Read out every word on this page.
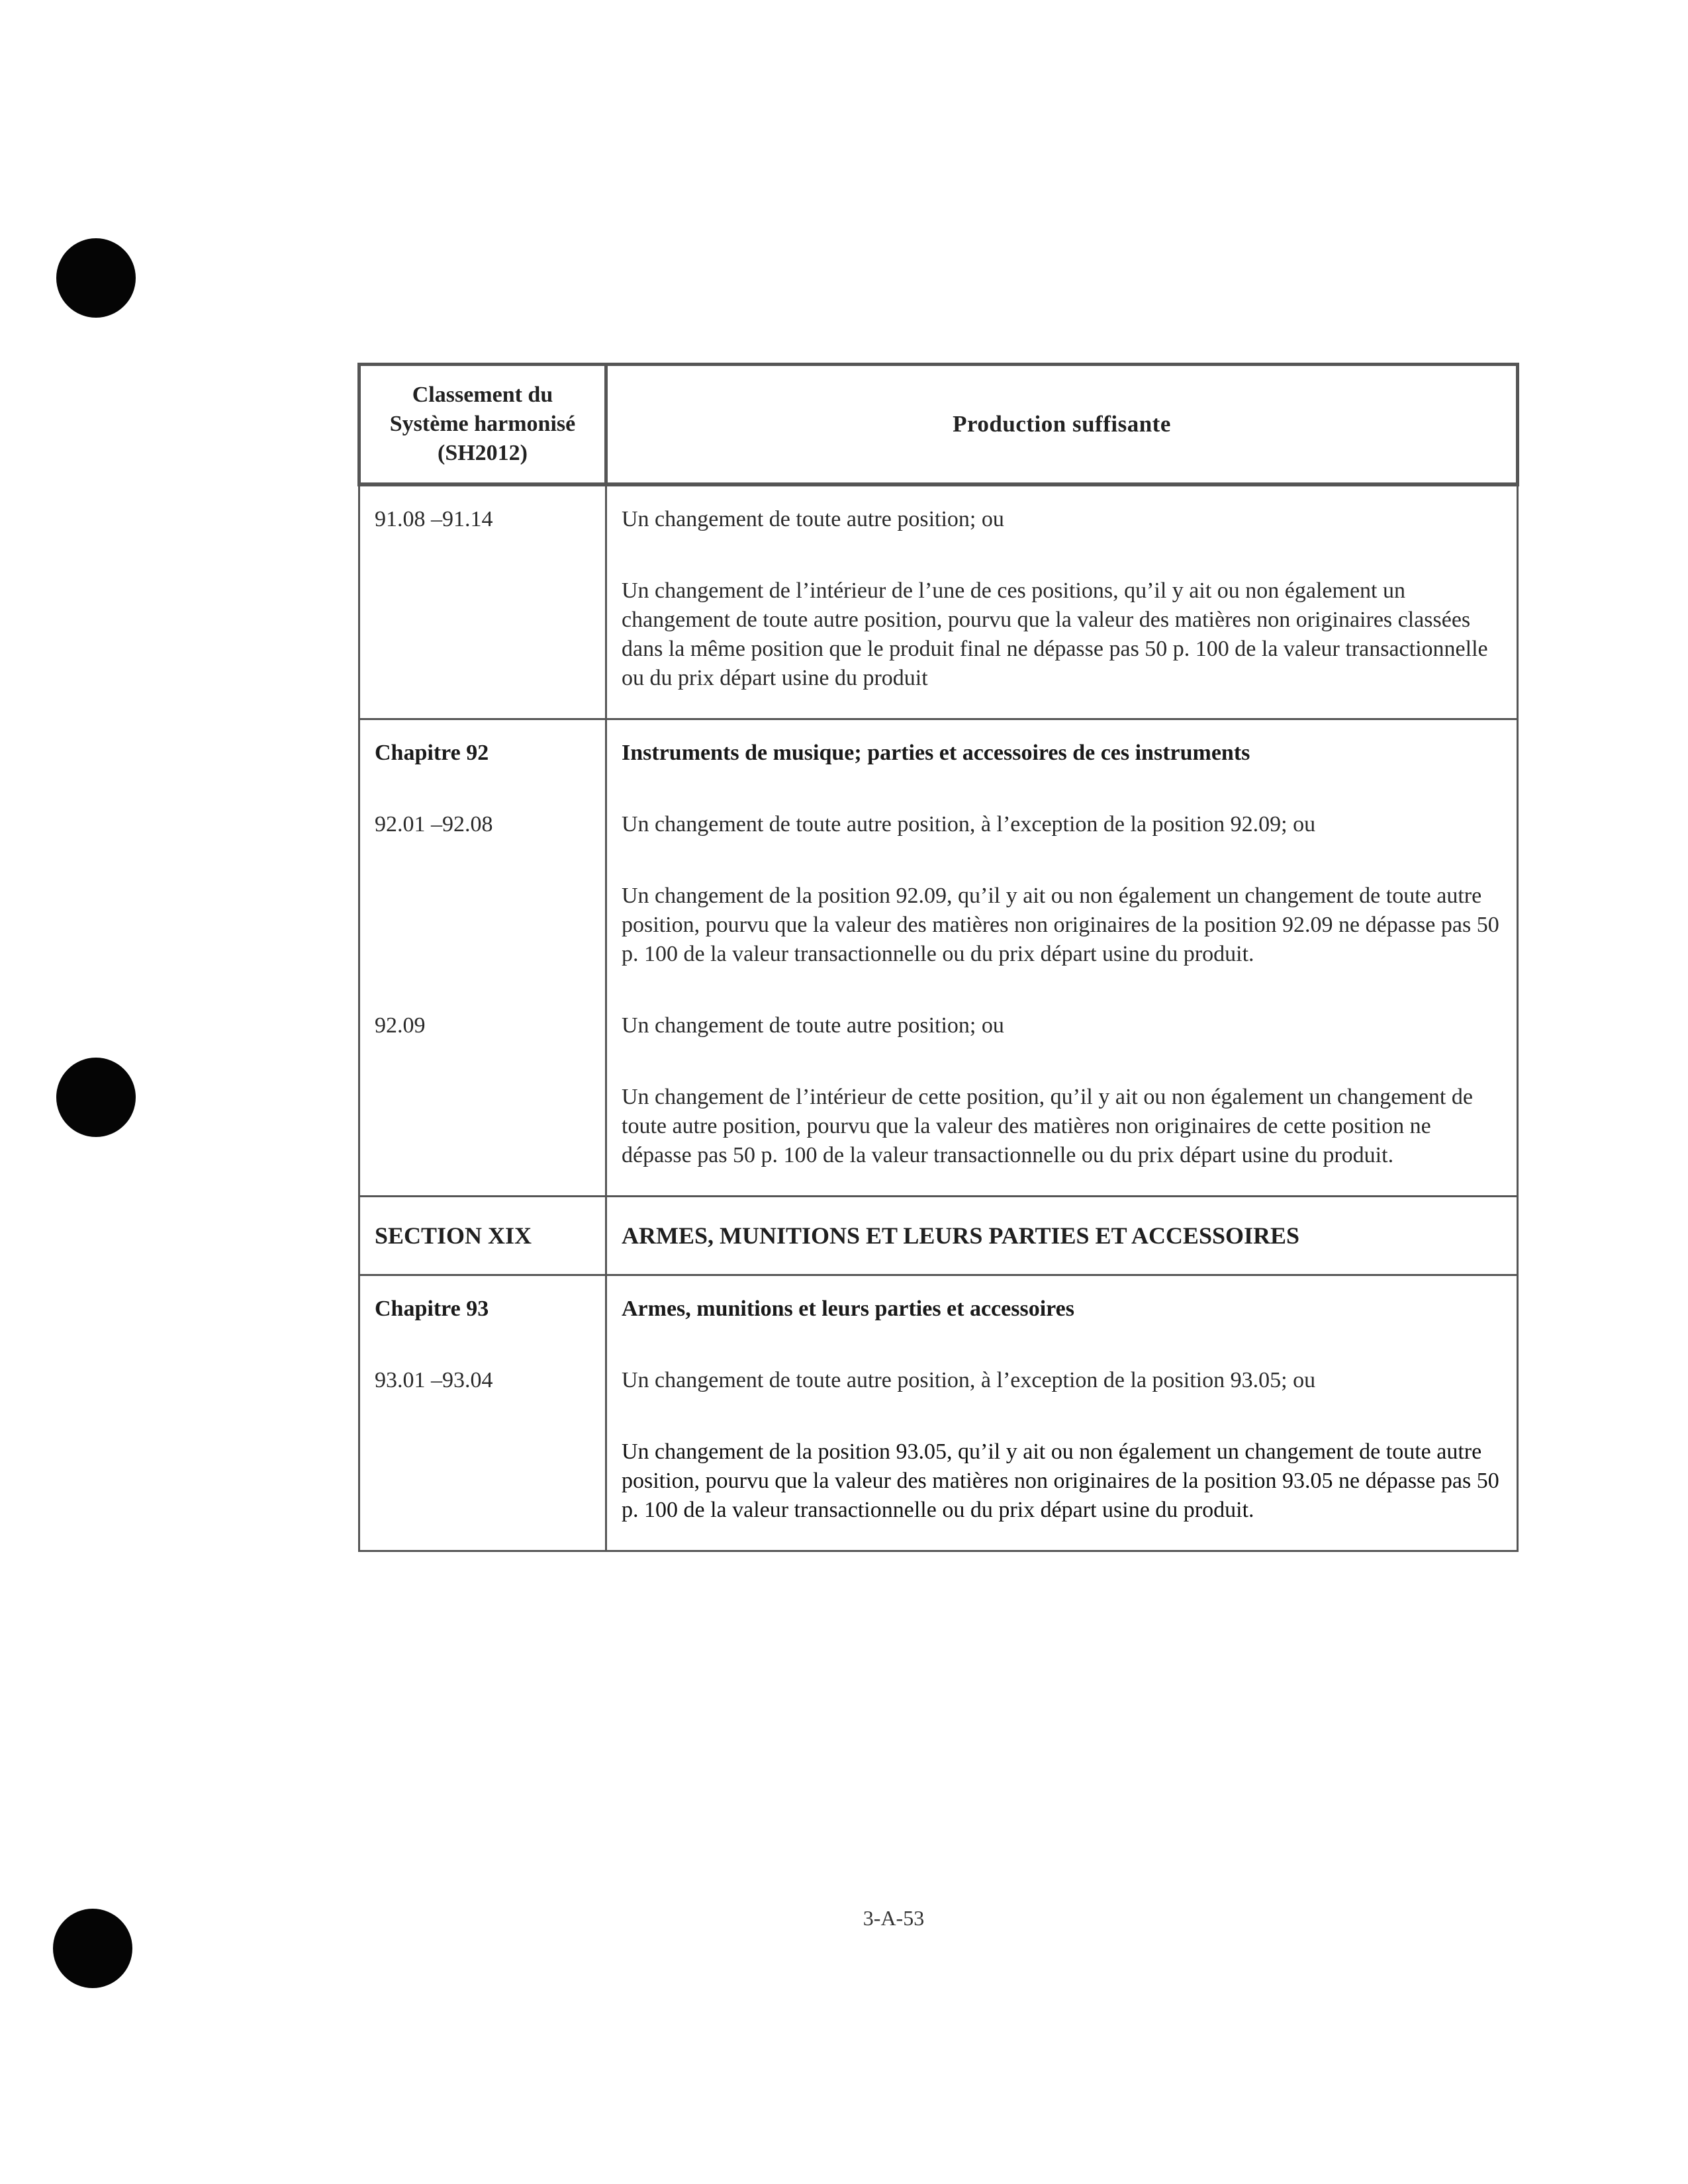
Classement du
Système harmonisé
(SH2012)	Production suffisante
91.08 –91.14	Un changement de toute autre position; ou
	Un changement de l’intérieur de l’une de ces positions, qu’il y ait ou non également un changement de toute autre position, pourvu que la valeur des matières non originaires classées dans la même position que le produit final ne dépasse pas 50 p. 100 de la valeur transactionnelle ou du prix départ usine du produit
Chapitre 92	Instruments de musique; parties et accessoires de ces instruments
92.01 –92.08	Un changement de toute autre position, à l’exception de la position 92.09; ou
	Un changement de la position 92.09, qu’il y ait ou non également un changement de toute autre position, pourvu que la valeur des matières non originaires de la position 92.09 ne dépasse pas 50 p. 100 de la valeur transactionnelle ou du prix départ usine du produit.
92.09	Un changement de toute autre position; ou
	Un changement de l’intérieur de cette position, qu’il y ait ou non également un changement de toute autre position, pourvu que la valeur des matières non originaires de cette position ne dépasse pas 50 p. 100 de la valeur transactionnelle ou du prix départ usine du produit.
SECTION XIX	ARMES, MUNITIONS ET LEURS PARTIES ET ACCESSOIRES
Chapitre 93	Armes, munitions et leurs parties et accessoires
93.01 –93.04	Un changement de toute autre position, à l’exception de la position 93.05; ou
	Un changement de la position 93.05, qu’il y ait ou non également un changement de toute autre position, pourvu que la valeur des matières non originaires de la position 93.05 ne dépasse pas 50 p. 100 de la valeur transactionnelle ou du prix départ usine du produit.
3-A-53
